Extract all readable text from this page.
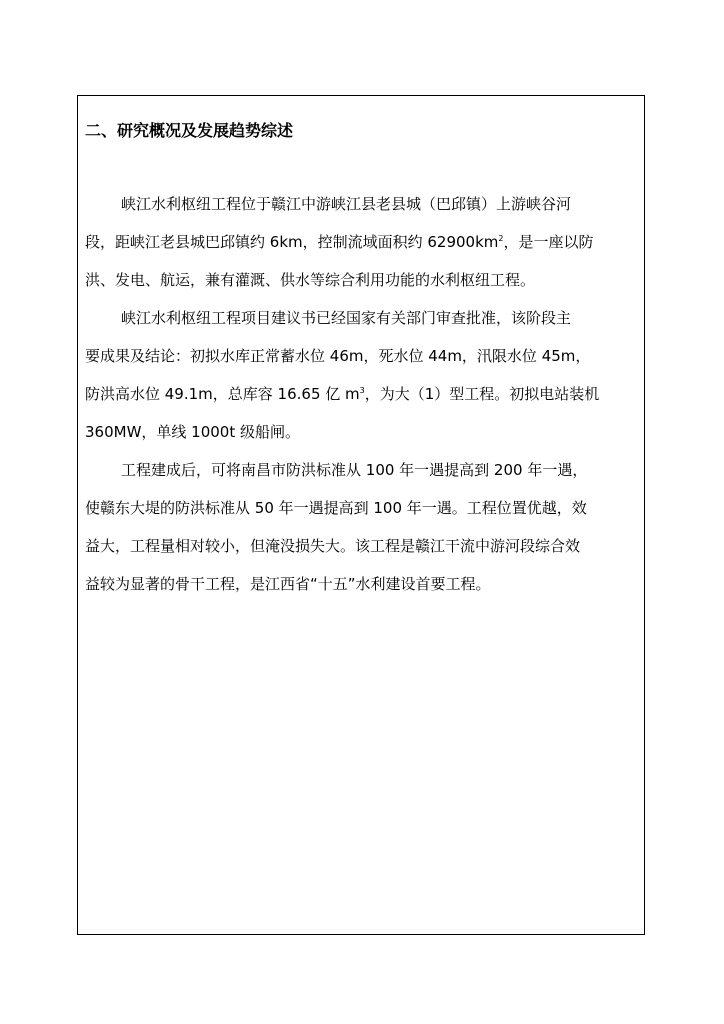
二、研究概况及发展趋势综述
峡江水利枢纽工程位于赣江中游峡江县老县城（巴邱镇）上游峡谷河
段，距峡江老县城巴邱镇约 6km，控制流域面积约 $62900km^2$，是一座以防
洪、发电、航运，兼有灌溉、供水等综合利用功能的水利枢纽工程。
峡江水利枢纽工程项目建议书已经国家有关部门审查批准，该阶段主
要成果及结论：初拟水库正常蓄水位 46m，死水位 44m，汛限水位 45m，
防洪高水位 49.1m，总库容 16.65 亿 $m^3$，为大（1）型工程。初拟电站装机
360MW，单线 1000t 级船闸。
工程建成后，可将南昌市防洪标准从 100 年一遇提高到 200 年一遇，
使赣东大堤的防洪标准从 50 年一遇提高到 100 年一遇。工程位置优越，效
益大，工程量相对较小，但淹没损失大。该工程是赣江干流中游河段综合效
益较为显著的骨干工程，是江西省“十五”水利建设首要工程。
